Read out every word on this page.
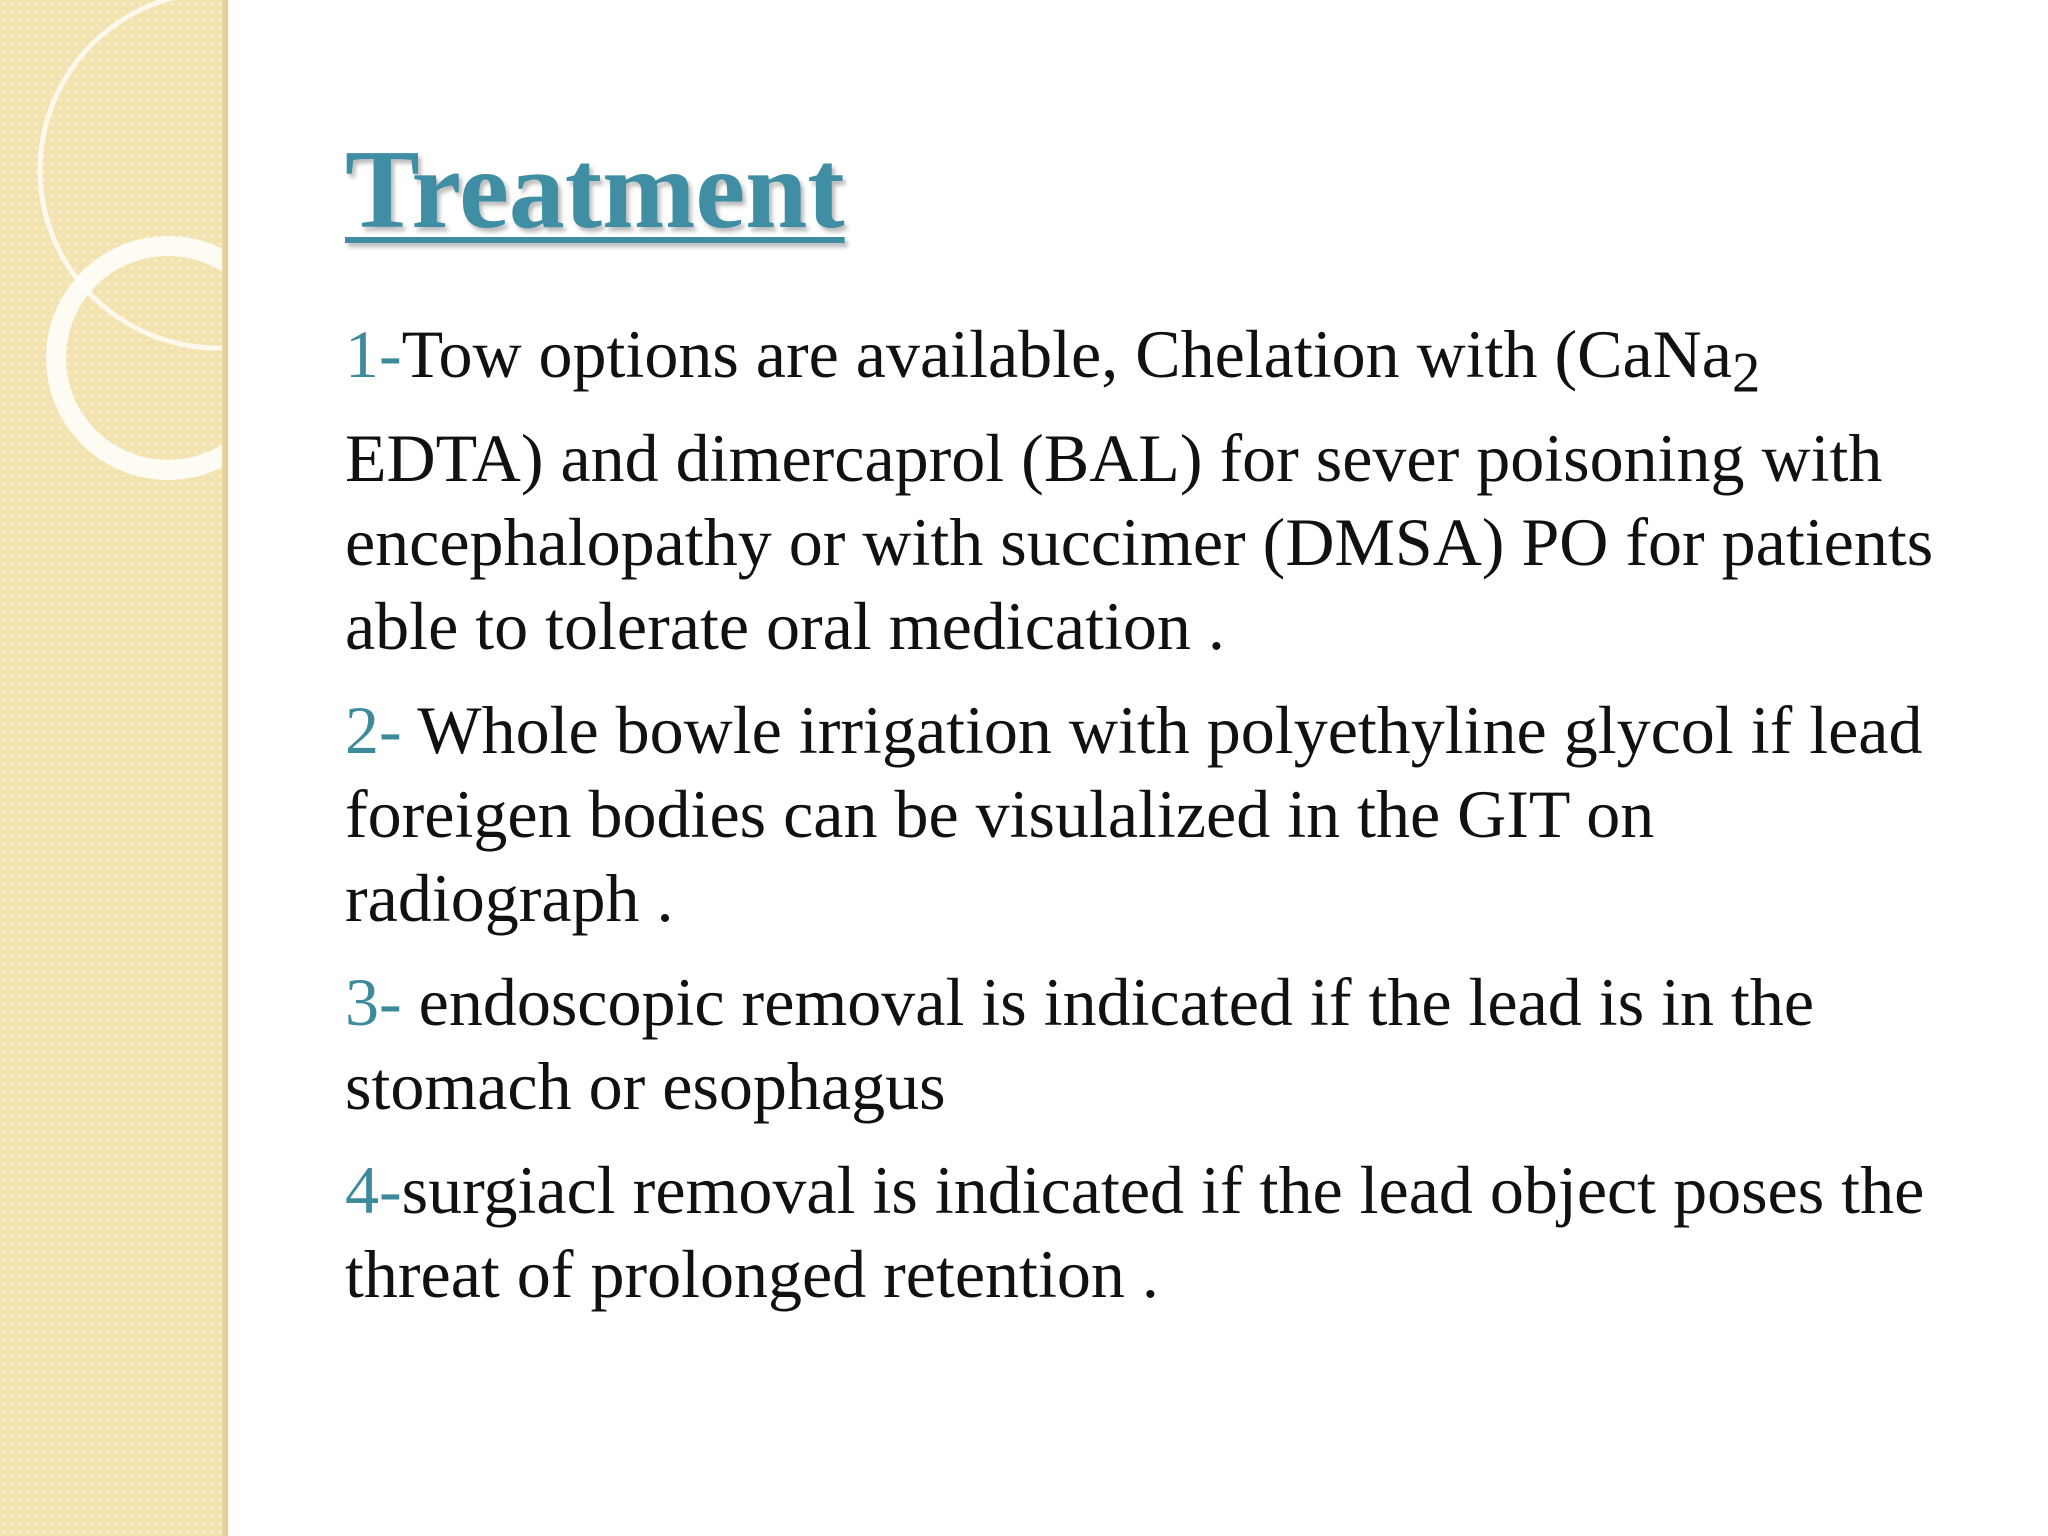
Treatment
1-Tow options are available, Chelation with (CaNa$_2$ EDTA) and dimercaprol (BAL) for sever poisoning with encephalopathy or with succimer (DMSA) PO for patients able to tolerate oral medication .
2- Whole bowle irrigation with polyethyline glycol if lead foreigen bodies can be visulalized in the GIT on radiograph .
3- endoscopic removal is indicated if the lead is in the stomach or esophagus
4-surgiacl removal is indicated if the lead object poses the threat of prolonged retention .
